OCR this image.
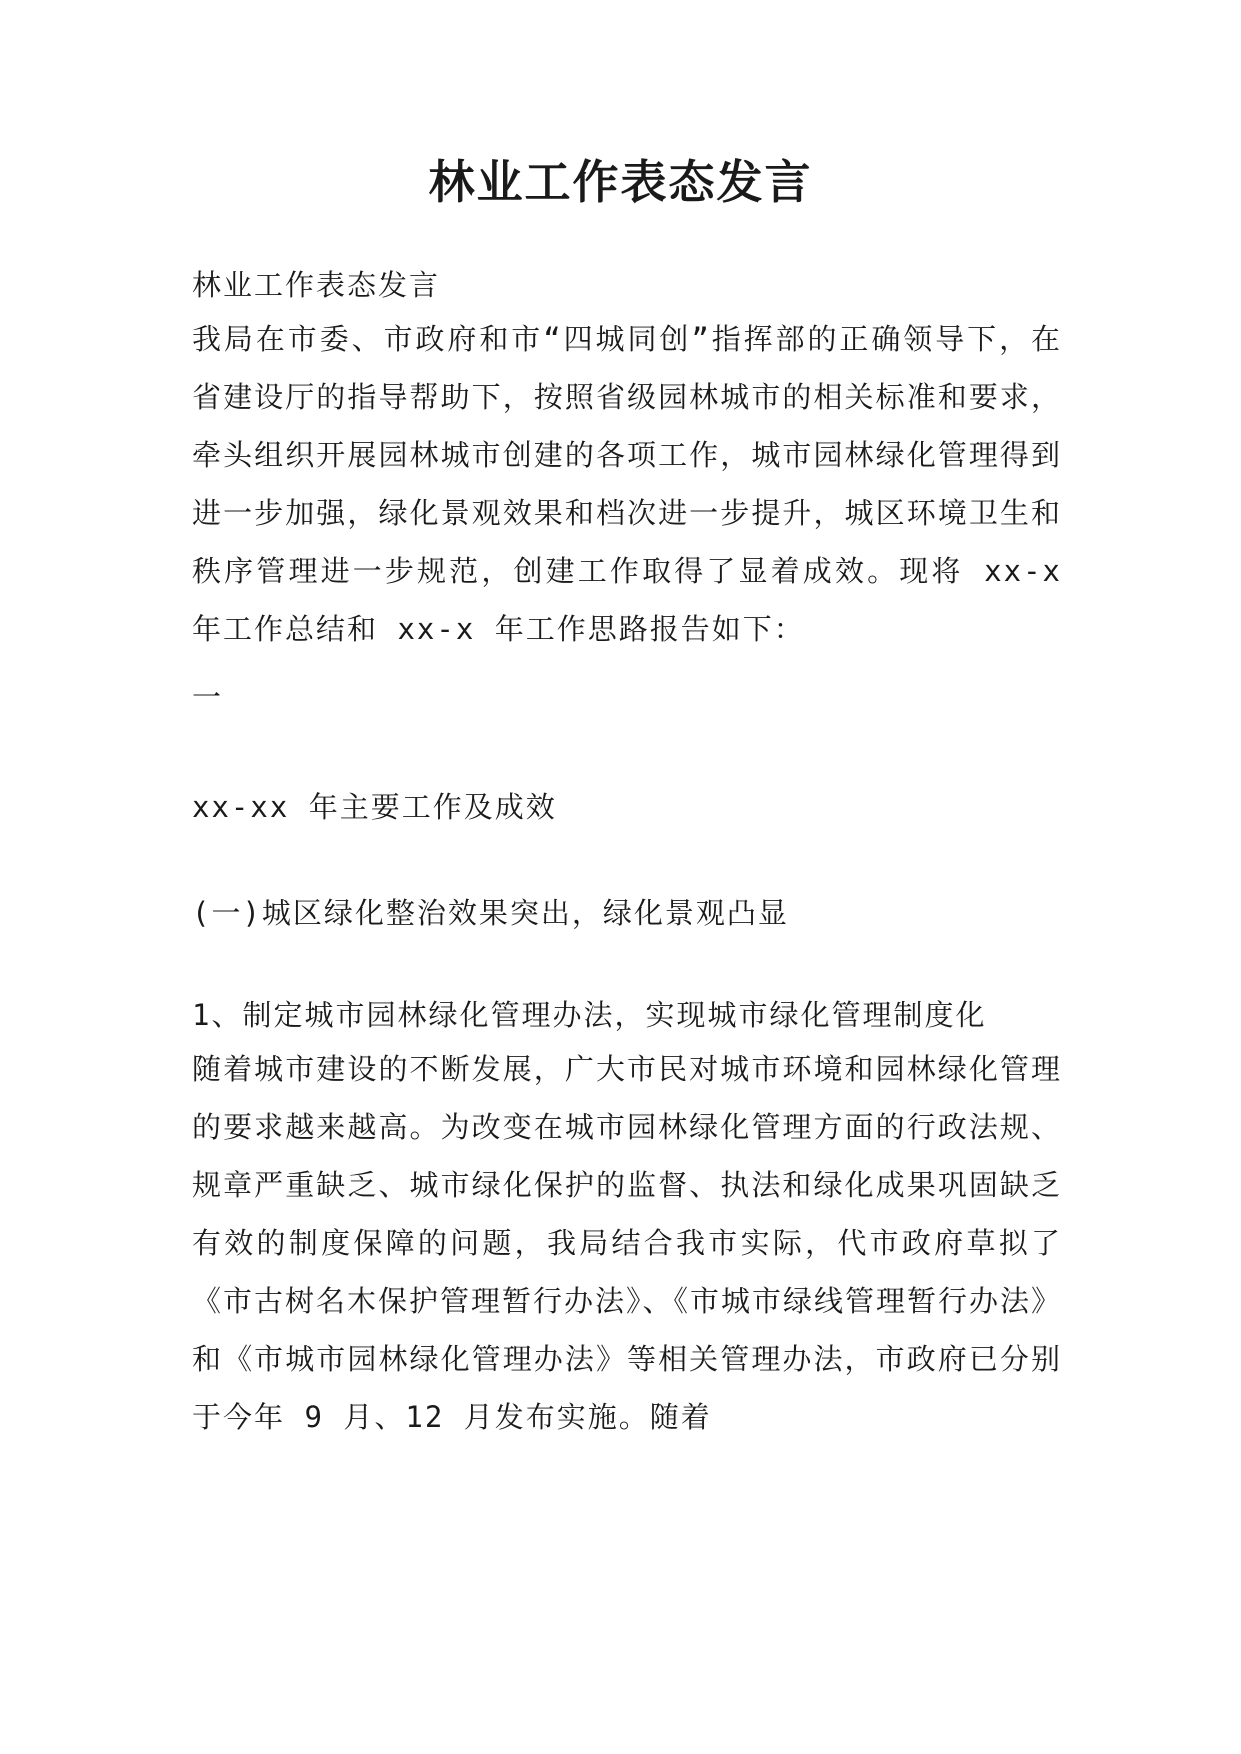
林业工作表态发言

林业工作表态发言

我局在市委、市政府和市“四城同创”指挥部的正确领导下，在省建设厅的指导帮助下，按照省级园林城市的相关标准和要求，牵头组织开展园林城市创建的各项工作，城市园林绿化管理得到进一步加强，绿化景观效果和档次进一步提升，城区环境卫生和秩序管理进一步规范，创建工作取得了显着成效。现将 xx-x 年工作总结和 xx-x 年工作思路报告如下：

一

xx-xx 年主要工作及成效

(一)城区绿化整治效果突出，绿化景观凸显

1、制定城市园林绿化管理办法，实现城市绿化管理制度化

随着城市建设的不断发展，广大市民对城市环境和园林绿化管理的要求越来越高。为改变在城市园林绿化管理方面的行政法规、规章严重缺乏、城市绿化保护的监督、执法和绿化成果巩固缺乏有效的制度保障的问题，我局结合我市实际，代市政府草拟了《市古树名木保护管理暂行办法》、《市城市绿线管理暂行办法》和《市城市园林绿化管理办法》等相关管理办法，市政府已分别于今年 9 月、12 月发布实施。随着
